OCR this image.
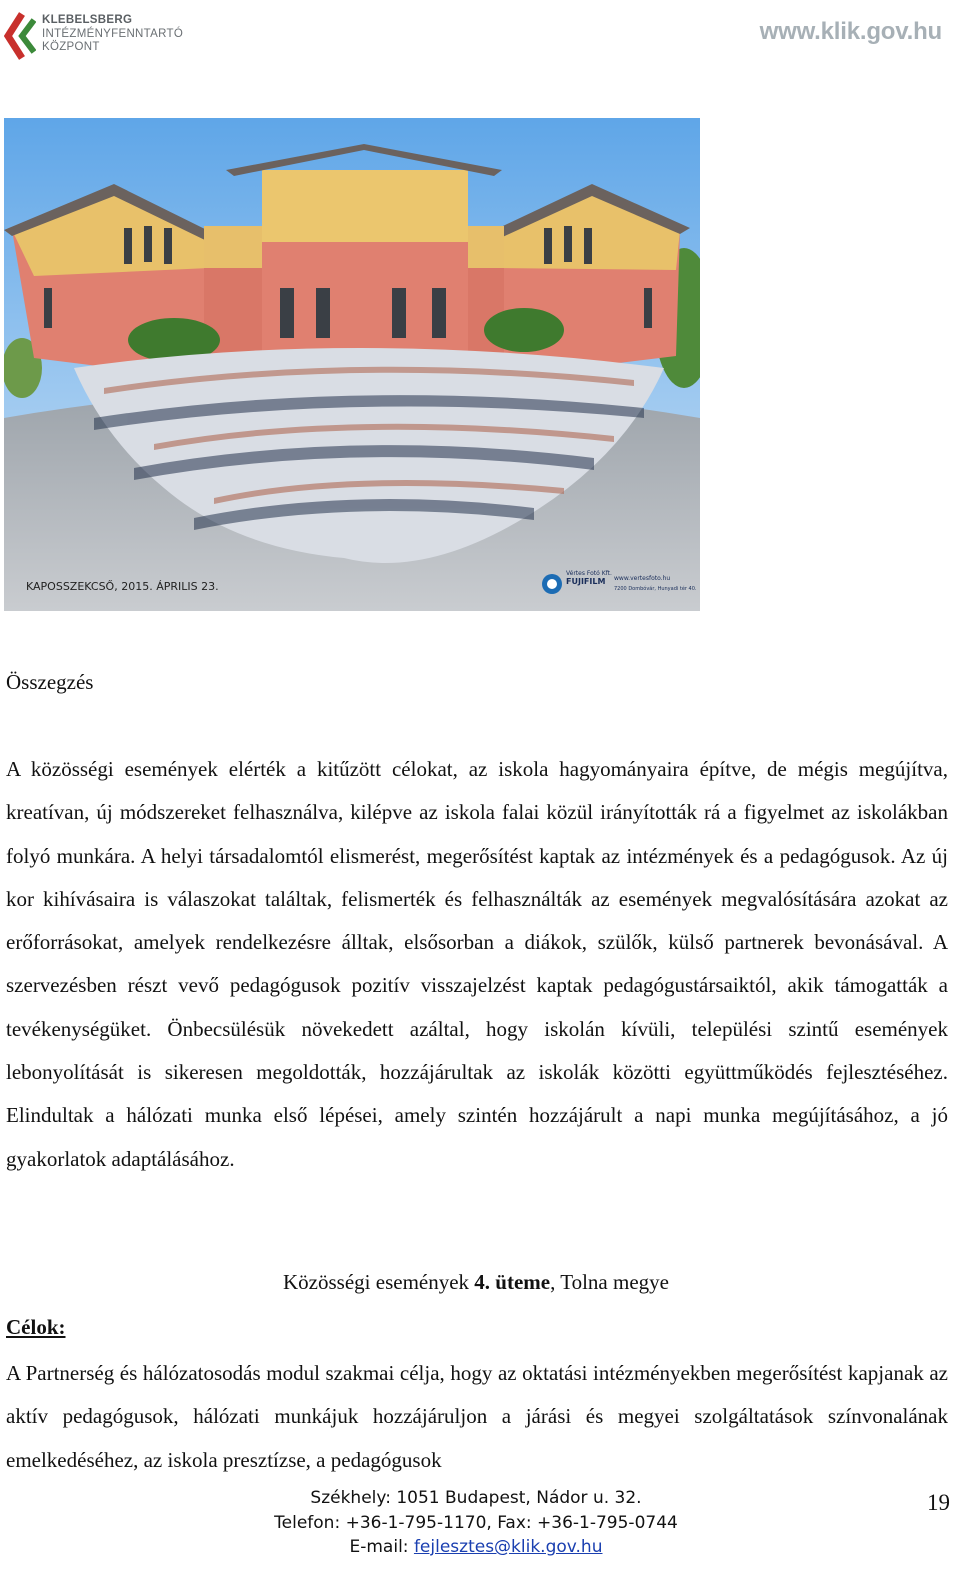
KLEBELSBERG
INTÉZMÉNYFENNTARTÓ
KÖZPONT
www.klik.gov.hu
KAPOSSZEKCSŐ, 2015. ÁPRILIS 23.
Vértes Fotó Kft.
FUJIFILM www.vertesfoto.hu
7200 Dombóvár, Hunyadi tér 40.
Összegzés

A közösségi események elérték a kitűzött célokat, az iskola hagyományaira építve, de mégis megújítva, kreatívan, új módszereket felhasználva, kilépve az iskola falai közül irányították rá a figyelmet az iskolákban folyó munkára. A helyi társadalomtól elismerést, megerősítést kaptak az intézmények és a pedagógusok. Az új kor kihívásaira is válaszokat találtak, felismerték és felhasználták az események megvalósítására azokat az erőforrásokat, amelyek rendelkezésre álltak, elsősorban a diákok, szülők, külső partnerek bevonásával. A szervezésben részt vevő pedagógusok pozitív visszajelzést kaptak pedagógustársaiktól, akik támogatták a tevékenységüket. Önbecsülésük növekedett azáltal, hogy iskolán kívüli, települési szintű események lebonyolítását is sikeresen megoldották, hozzájárultak az iskolák közötti együttműködés fejlesztéséhez. Elindultak a hálózati munka első lépései, amely szintén hozzájárult a napi munka megújításához, a jó gyakorlatok adaptálásához.

Közösségi események 4. üteme, Tolna megye
Célok:

A Partnerség és hálózatosodás modul szakmai célja, hogy az oktatási intézményekben megerősítést kapjanak az aktív pedagógusok, hálózati munkájuk hozzájáruljon a járási és megyei szolgáltatások színvonalának emelkedéséhez, az iskola presztízse, a pedagógusok

Székhely: 1051 Budapest, Nádor u. 32.
Telefon: +36-1-795-1170, Fax: +36-1-795-0744
E-mail: fejlesztes@klik.gov.hu
19
